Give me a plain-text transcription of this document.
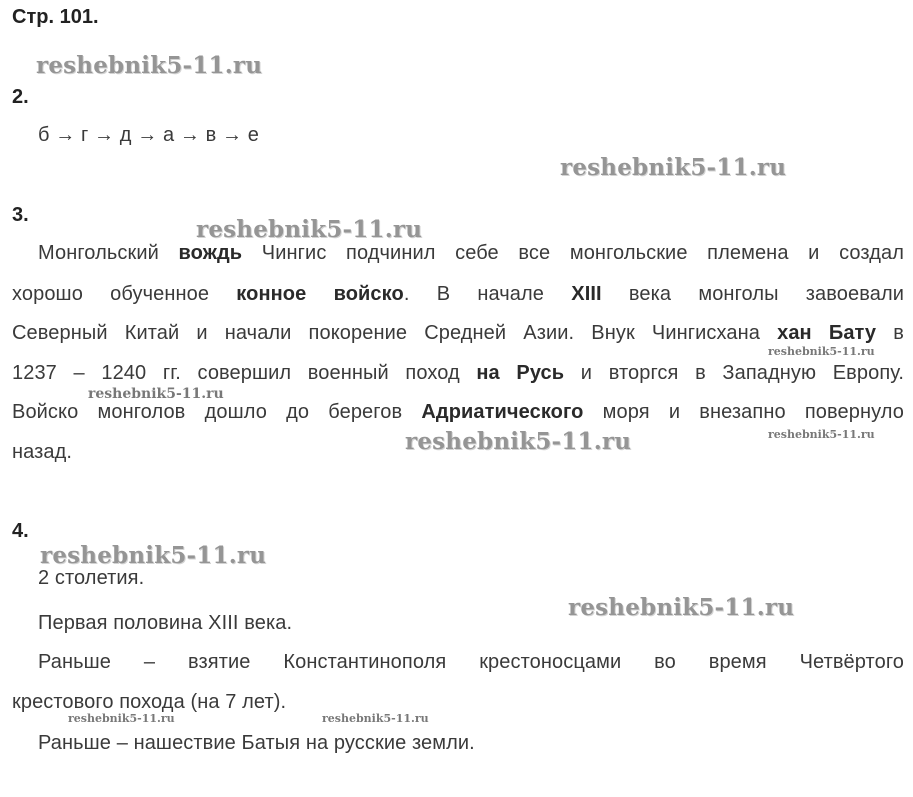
Стр. 101.
reshebnik5-11.ru
reshebnik5-11.ru
reshebnik5-11.ru
reshebnik5-11.ru
reshebnik5-11.ru
reshebnik5-11.ru
reshebnik5-11.ru
reshebnik5-11.ru
reshebnik5-11.ru
reshebnik5-11.ru	reshebnik5-11.ru
2.
б → г → д → а → в → е
3.
Монгольский вождь Чингис подчинил себе все монгольские племена и создал
хорошо обученное конное войско. В начале XIII века монголы завоевали
Северный Китай и начали покорение Средней Азии. Внук Чингисхана хан Бату в
1237 – 1240 гг. совершил военный поход на Русь и вторгся в Западную Европу.
Войско монголов дошло до берегов Адриатического моря и внезапно повернуло
назад.
4.
2 столетия.
Первая половина XIII века.
Раньше – взятие Константинополя крестоносцами во время Четвёртого
крестового похода (на 7 лет).
Раньше – нашествие Батыя на русские земли.
